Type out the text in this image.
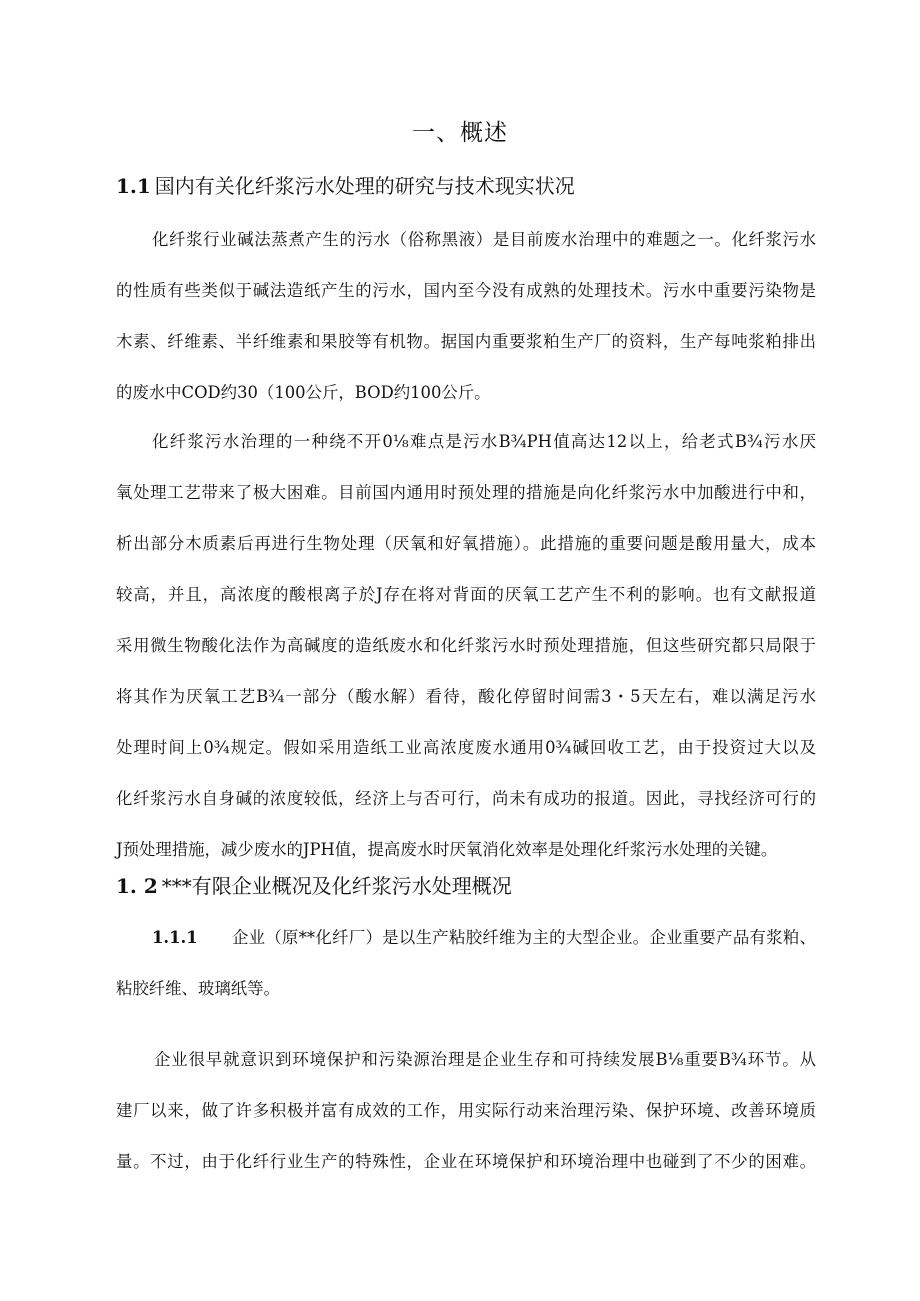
一、概述
1.1 国内有关化纤浆污水处理的研究与技术现实状况
化纤浆行业碱法蒸煮产生的污水（俗称黑液）是目前废水治理中的难题之一。化纤浆污水
的性质有些类似于碱法造纸产生的污水，国内至今没有成熟的处理技术。污水中重要污染物是
木素、纤维素、半纤维素和果胶等有机物。据国内重要浆粕生产厂的资料，生产每吨浆粕排出
的废水中COD约30（100公斤，BOD约100公斤。
化纤浆污水治理的一种绕不开0⅛难点是污水B¾PH值高达12以上，给老式B¾污水厌
氧处理工艺带来了极大困难。目前国内通用时预处理的措施是向化纤浆污水中加酸进行中和，
析出部分木质素后再进行生物处理（厌氧和好氧措施）。此措施的重要问题是酸用量大，成本
较高，并且，高浓度的酸根离子於J存在将对背面的厌氧工艺产生不利的影响。也有文献报道
采用微生物酸化法作为高碱度的造纸废水和化纤浆污水时预处理措施，但这些研究都只局限于
将其作为厌氧工艺B¾一部分（酸水解）看待，酸化停留时间需3・5天左右，难以满足污水
处理时间上0¾规定。假如采用造纸工业高浓度废水通用0¾碱回收工艺，由于投资过大以及
化纤浆污水自身碱的浓度较低，经济上与否可行，尚未有成功的报道。因此，寻找经济可行的
J预处理措施，减少废水的JPH值，提高废水时厌氧消化效率是处理化纤浆污水处理的关键。
1. 2 ***有限企业概况及化纤浆污水处理概况
1.1.1 企业（原**化纤厂）是以生产粘胶纤维为主的大型企业。企业重要产品有浆粕、
粘胶纤维、玻璃纸等。
企业很早就意识到环境保护和污染源治理是企业生存和可持续发展B⅛重要B¾环节。从
建厂以来，做了许多积极并富有成效的工作，用实际行动来治理污染、保护环境、改善环境质
量。不过，由于化纤行业生产的特殊性，企业在环境保护和环境治理中也碰到了不少的困难。
